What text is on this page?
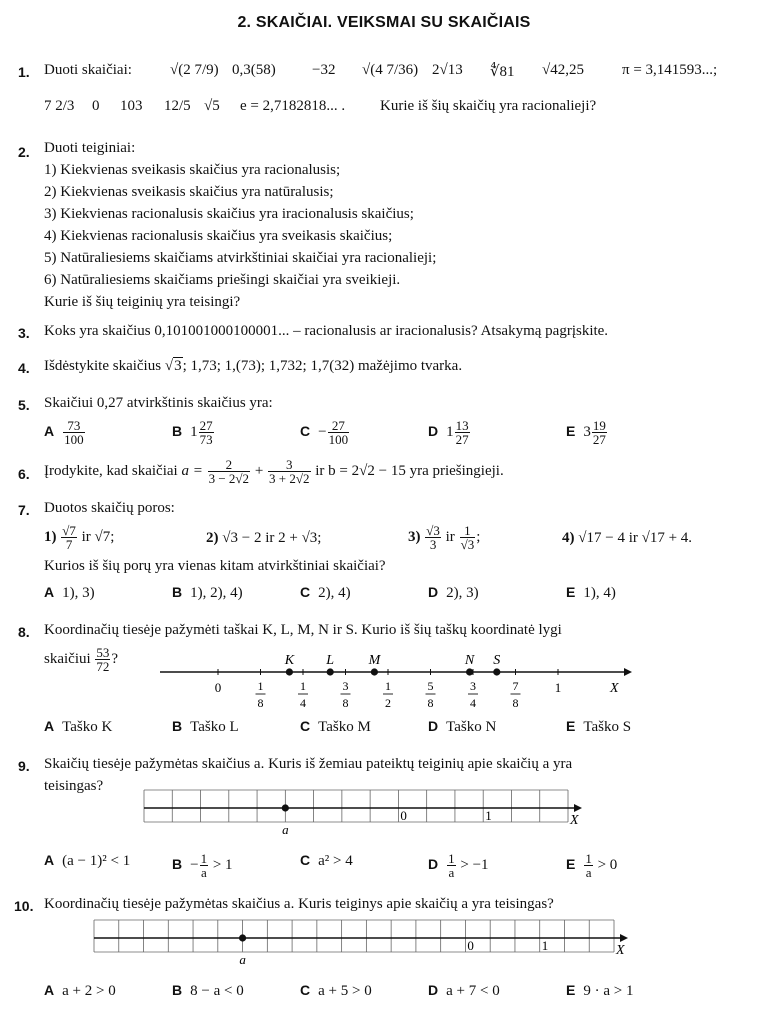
2. SKAIČIAI. VEIKSMAI SU SKAIČIAIS
1. Duoti skaičiai:	√(2 7/9) 0,3(58) −32 √(4 7/36) 2√13 ∜81 √42,25	π = 3,141593...;
7 2/3 0 103 12/5 √5 e = 2,7182818... . Kurie iš šių skaičių yra racionalieji?
2. Duoti teiginiai:
1) Kiekvienas sveikasis skaičius yra racionalusis;
2) Kiekvienas sveikasis skaičius yra natūralusis;
3) Kiekvienas racionalusis skaičius yra iracionalusis skaičius;
4) Kiekvienas racionalusis skaičius yra sveikasis skaičius;
5) Natūraliesiems skaičiams atvirkštiniai skaičiai yra racionalieji;
6) Natūraliesiems skaičiams priešingi skaičiai yra sveikieji.
Kurie iš šių teiginių yra teisingi?
3. Koks yra skaičius 0,101001000100001... – racionalusis ar iracionalusis? Atsakymą pagrįskite.
4. Išdėstykite skaičius √3; 1,73; 1,(73); 1,732; 1,7(32) mažėjimo tvarka.
5. Skaičiui 0,27 atvirkštinis skaičius yra:
A $\frac{73}{100}$	B $1 \frac{27}{73}$	$C - \frac{27}{100}$	D $1 \frac{13}{27}$	E $3 \frac{19}{27}$
6. Įrodykite, kad skaičiai $a = \frac{2}{3 - 2√2} + \frac{3}{3 + 2√2}$ ir b = 2√2 − 15 yra priešingieji.
7. Duotos skaičių poros:
$1) \frac{√7}{7}$ ir √7;	2) √3 − 2 ir 2 + √3;	$3) \frac{√3}{3}$ ir $\frac{1}{√3}$ ;	4) √17 − 4 ir √17 + 4.
Kurios iš šių porų yra vienas kitam atvirkštiniai skaičiai?
A 1), 3)	B 1), 2), 4)	C 2), 4)	D 2), 3)	E 1), 4)
8. Koordinačių tiesėje pažymėti taškai K, L, M, N ir S. Kurio iš šių taškų koordinatė lygi
skaičiui $\frac{53}{72}$ ?
X
0	1
8
1
4
3
8
1
2
5
8
3
4
7
8
1
K L M	N S
A Taško K	B Taško L	C Taško M	D Taško N	E Taško S
9. Skaičių tiesėje pažymėtas skaičius a. Kuris iš žemiau pateiktų teiginių apie skaičių a yra
teisingas?
a
0	1	X
A (a − 1)² < 1	$B - \frac{1}{a} > 1$	C a² > 4	D $\frac{1}{a} > -1$	E $\frac{1}{a} > 0$
10. Koordinačių tiesėje pažymėtas skaičius a. Kuris teiginys apie skaičių a yra teisingas?
a
0	1	X
A a + 2 > 0	B 8 − a < 0	C a + 5 > 0	D a + 7 < 0	E 9 · a > 1
